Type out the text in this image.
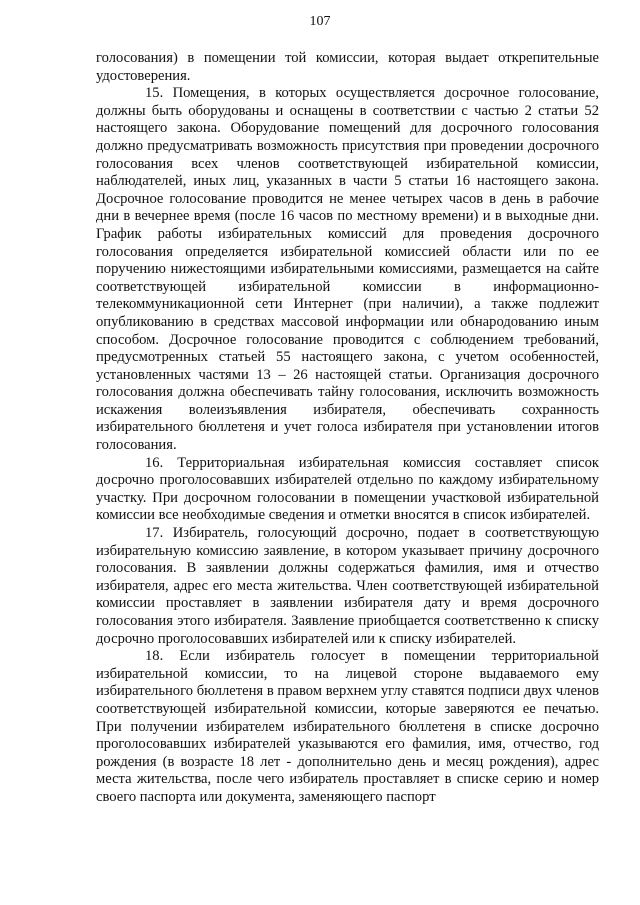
107

голосования) в помещении той комиссии, которая выдает открепительные удостоверения.

15. Помещения, в которых осуществляется досрочное голосование, должны быть оборудованы и оснащены в соответствии с частью 2 статьи 52 настоящего закона. Оборудование помещений для досрочного голосования должно предусматривать возможность присутствия при проведении досрочного голосования всех членов соответствующей избирательной комиссии, наблюдателей, иных лиц, указанных в части 5 статьи 16 настоящего закона. Досрочное голосование проводится не менее четырех часов в день в рабочие дни в вечернее время (после 16 часов по местному времени) и в выходные дни. График работы избирательных комиссий для проведения досрочного голосования определяется избирательной комиссией области или по ее поручению нижестоящими избирательными комиссиями, размещается на сайте соответствующей избирательной комиссии в информационно-телекоммуникационной сети Интернет (при наличии), а также подлежит опубликованию в средствах массовой информации или обнародованию иным способом. Досрочное голосование проводится с соблюдением требований, предусмотренных статьей 55 настоящего закона, с учетом особенностей, установленных частями 13 – 26 настоящей статьи. Организация досрочного голосования должна обеспечивать тайну голосования, исключить возможность искажения волеизъявления избирателя, обеспечивать сохранность избирательного бюллетеня и учет голоса избирателя при установлении итогов голосования.

16. Территориальная избирательная комиссия составляет список досрочно проголосовавших избирателей отдельно по каждому избирательному участку. При досрочном голосовании в помещении участковой избирательной комиссии все необходимые сведения и отметки вносятся в список избирателей.

17. Избиратель, голосующий досрочно, подает в соответствующую избирательную комиссию заявление, в котором указывает причину досрочного голосования. В заявлении должны содержаться фамилия, имя и отчество избирателя, адрес его места жительства. Член соответствующей избирательной комиссии проставляет в заявлении избирателя дату и время досрочного голосования этого избирателя. Заявление приобщается соответственно к списку досрочно проголосовавших избирателей или к списку избирателей.

18. Если избиратель голосует в помещении территориальной избирательной комиссии, то на лицевой стороне выдаваемого ему избирательного бюллетеня в правом верхнем углу ставятся подписи двух членов соответствующей избирательной комиссии, которые заверяются ее печатью. При получении избирателем избирательного бюллетеня в списке досрочно проголосовавших избирателей указываются его фамилия, имя, отчество, год рождения (в возрасте 18 лет - дополнительно день и месяц рождения), адрес места жительства, после чего избиратель проставляет в списке серию и номер своего паспорта или документа, заменяющего паспорт
